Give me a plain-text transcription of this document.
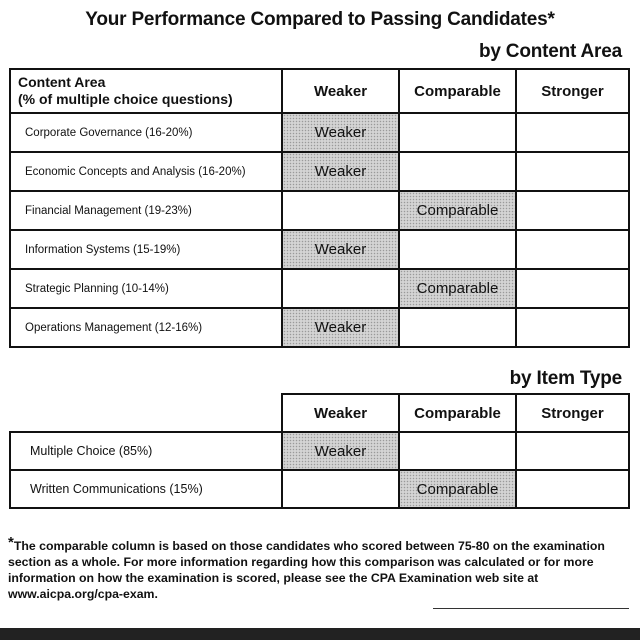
Your Performance Compared to Passing Candidates*
by Content Area
Content Area
(% of multiple choice questions)	Weaker	Comparable	Stronger
Corporate Governance (16-20%)	Weaker		

Economic Concepts and Analysis (16-20%)	Weaker		

Financial Management (19-23%)		Comparable	

Information Systems (15-19%)	Weaker		

Strategic Planning (10-14%)		Comparable	

Operations Management (12-16%)	Weaker		

by Item Type
	Weaker	Comparable	Stronger
Multiple Choice (85%)	Weaker		

Written Communications (15%)		Comparable	

*The comparable column is based on those candidates who scored between 75-80 on the examination section as a whole. For more information regarding how this comparison was calculated or for more information on how the examination is scored, please see the CPA Examination web site at www.aicpa.org/cpa-exam.
